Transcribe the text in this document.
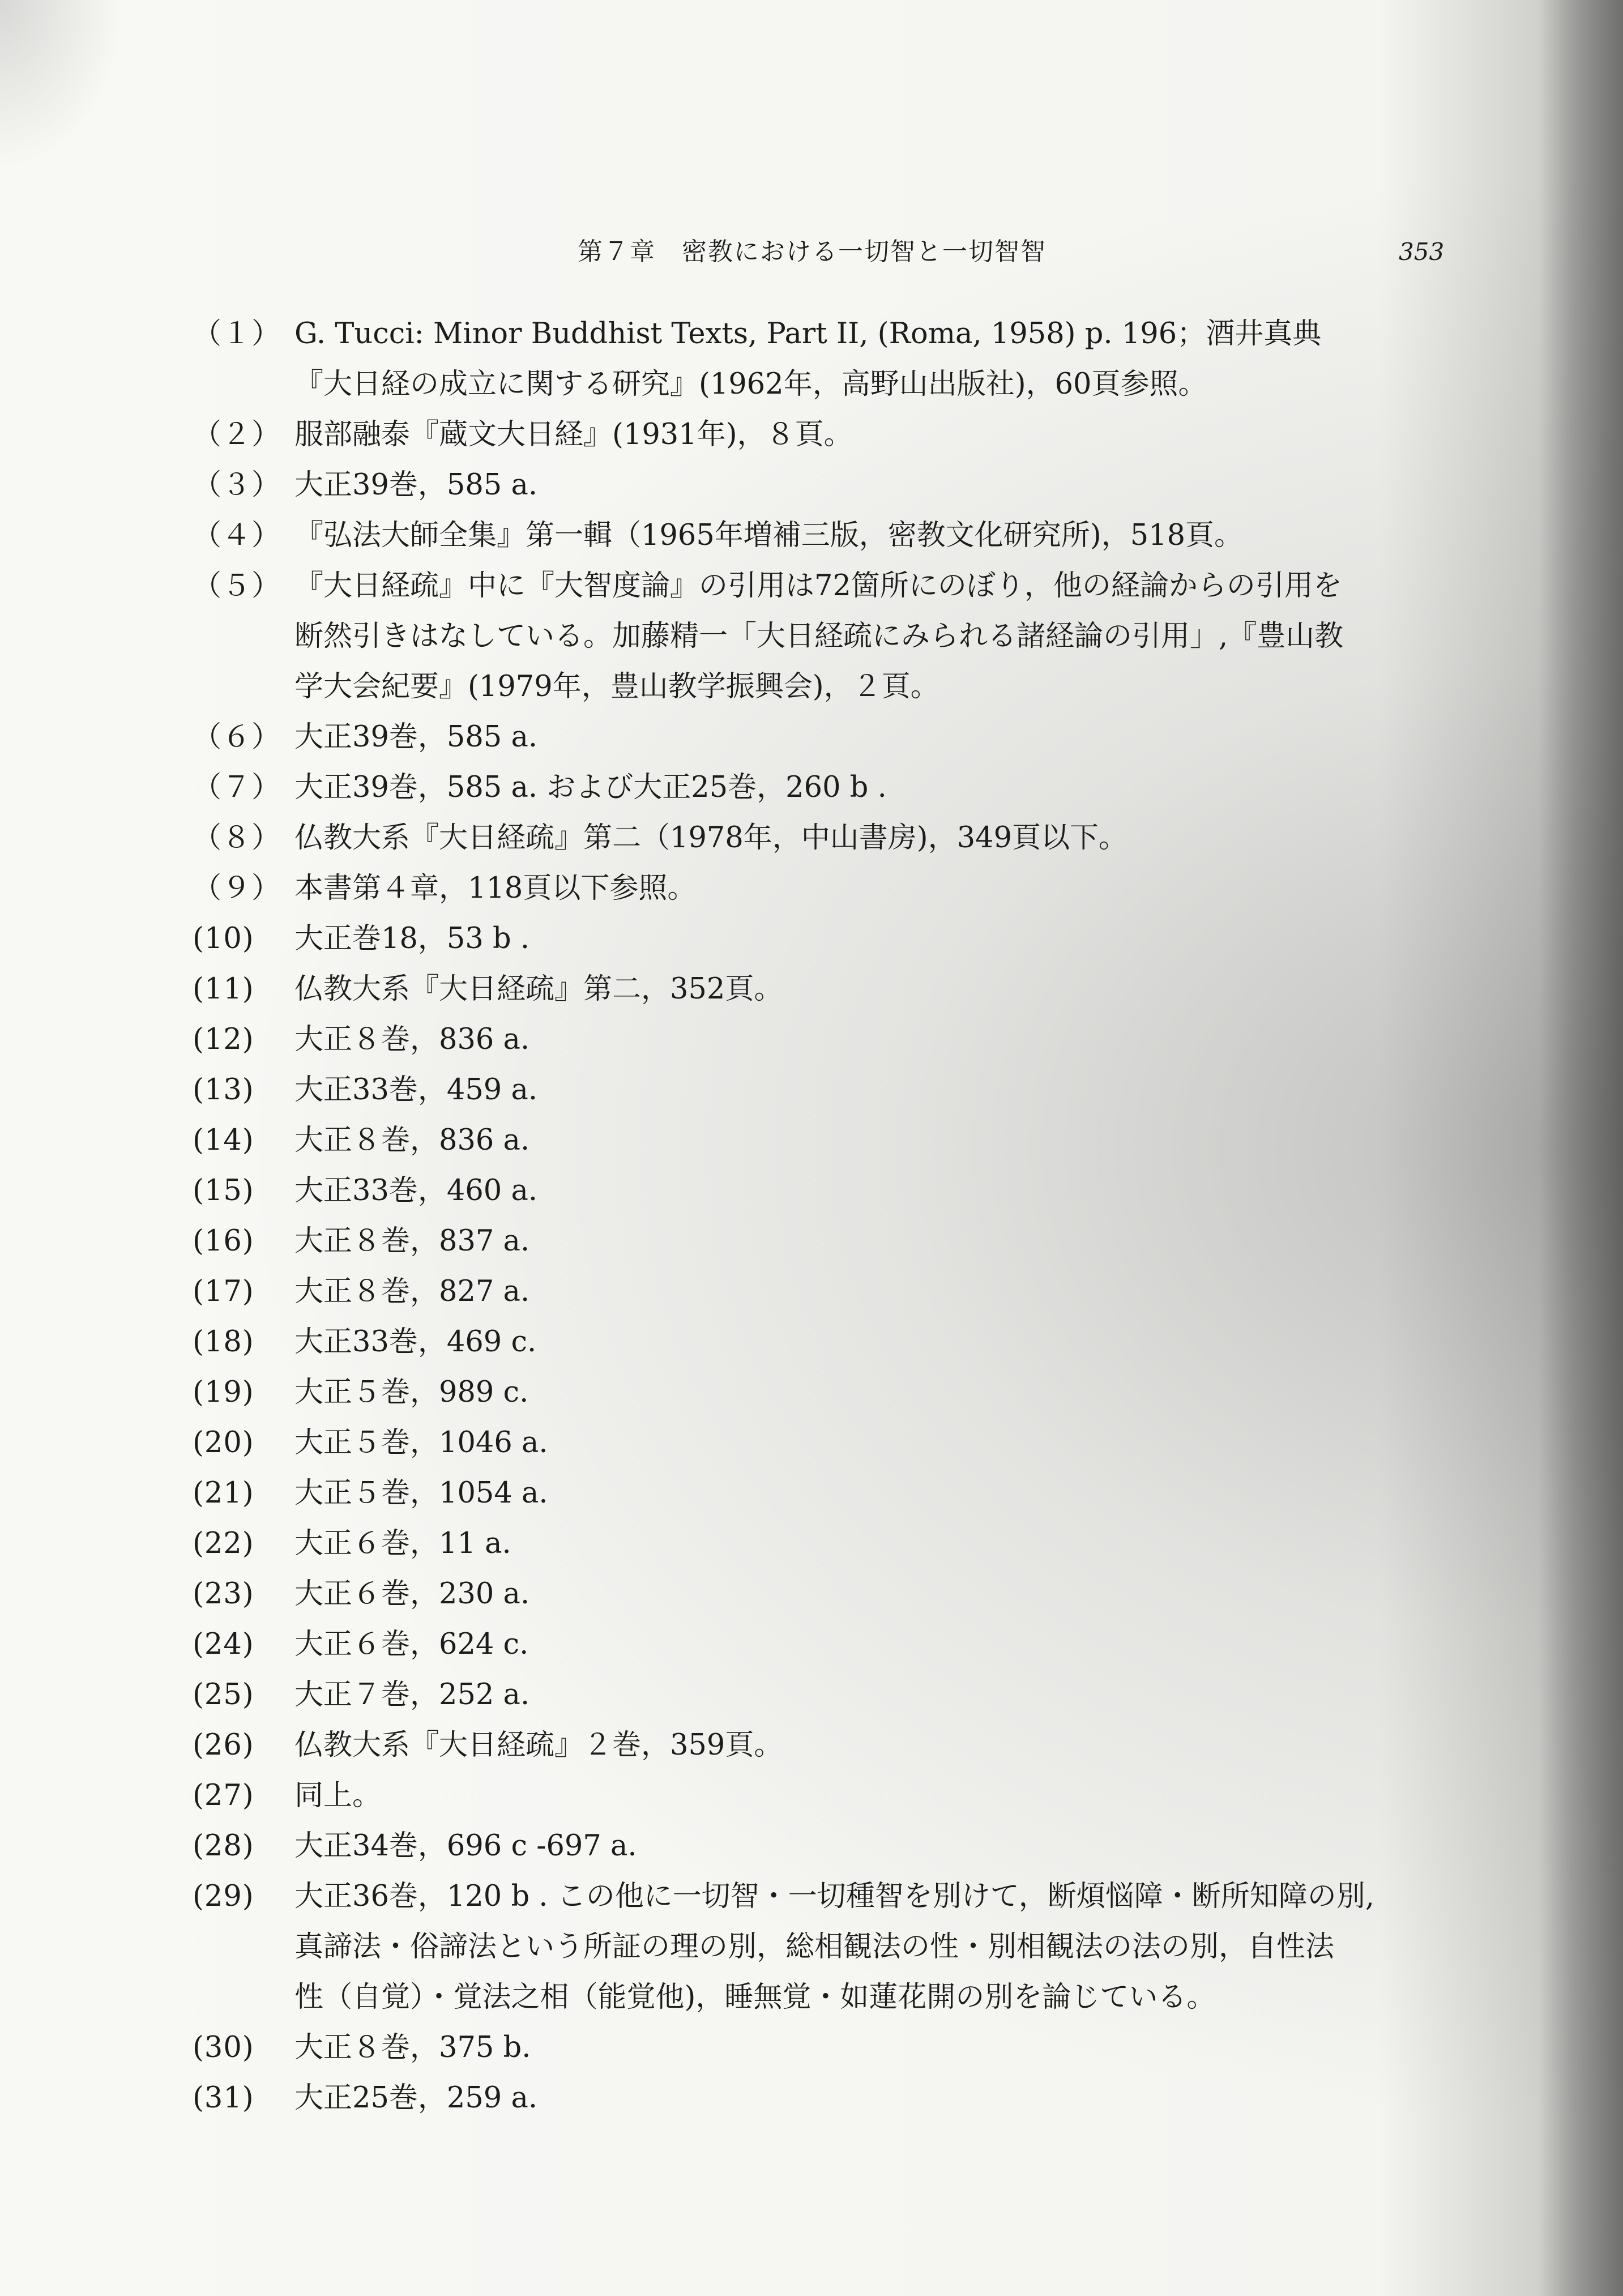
第７章　密教における一切智と一切智智	353
（１） G. Tucci: Minor Buddhist Texts, Part II, (Roma, 1958) p. 196；酒井真典
『大日経の成立に関する研究』(1962年，高野山出版社)，60頁参照。
（２） 服部融泰『蔵文大日経』(1931年)，８頁。
（３） 大正39巻，585 a.
（４） 『弘法大師全集』第一輯（1965年増補三版，密教文化研究所)，518頁。
（５） 『大日経疏』中に『大智度論』の引用は72箇所にのぼり，他の経論からの引用を
断然引きはなしている。加藤精一「大日経疏にみられる諸経論の引用」,『豊山教
学大会紀要』(1979年，豊山教学振興会)，２頁。
（６） 大正39巻，585 a.
（７） 大正39巻，585 a. および大正25巻，260 b .
（８） 仏教大系『大日経疏』第二（1978年，中山書房)，349頁以下。
（９） 本書第４章，118頁以下参照。
(10)	大正巻18，53 b .
(11)	仏教大系『大日経疏』第二，352頁。
(12)	大正８巻，836 a.
(13)	大正33巻，459 a.
(14)	大正８巻，836 a.
(15)	大正33巻，460 a.
(16)	大正８巻，837 a.
(17)	大正８巻，827 a.
(18)	大正33巻，469 c.
(19)	大正５巻，989 c.
(20)	大正５巻，1046 a.
(21)	大正５巻，1054 a.
(22)	大正６巻，11 a.
(23)	大正６巻，230 a.
(24)	大正６巻，624 c.
(25)	大正７巻，252 a.
(26)	仏教大系『大日経疏』２巻，359頁。
(27)	同上。
(28)	大正34巻，696 c -697 a.
(29)	大正36巻，120 b . この他に一切智・一切種智を別けて，断煩悩障・断所知障の別,
真諦法・俗諦法という所証の理の別，総相観法の性・別相観法の法の別，自性法
性（自覚）・覚法之相（能覚他)，睡無覚・如蓮花開の別を論じている。
(30)	大正８巻，375 b.
(31)	大正25巻，259 a.
